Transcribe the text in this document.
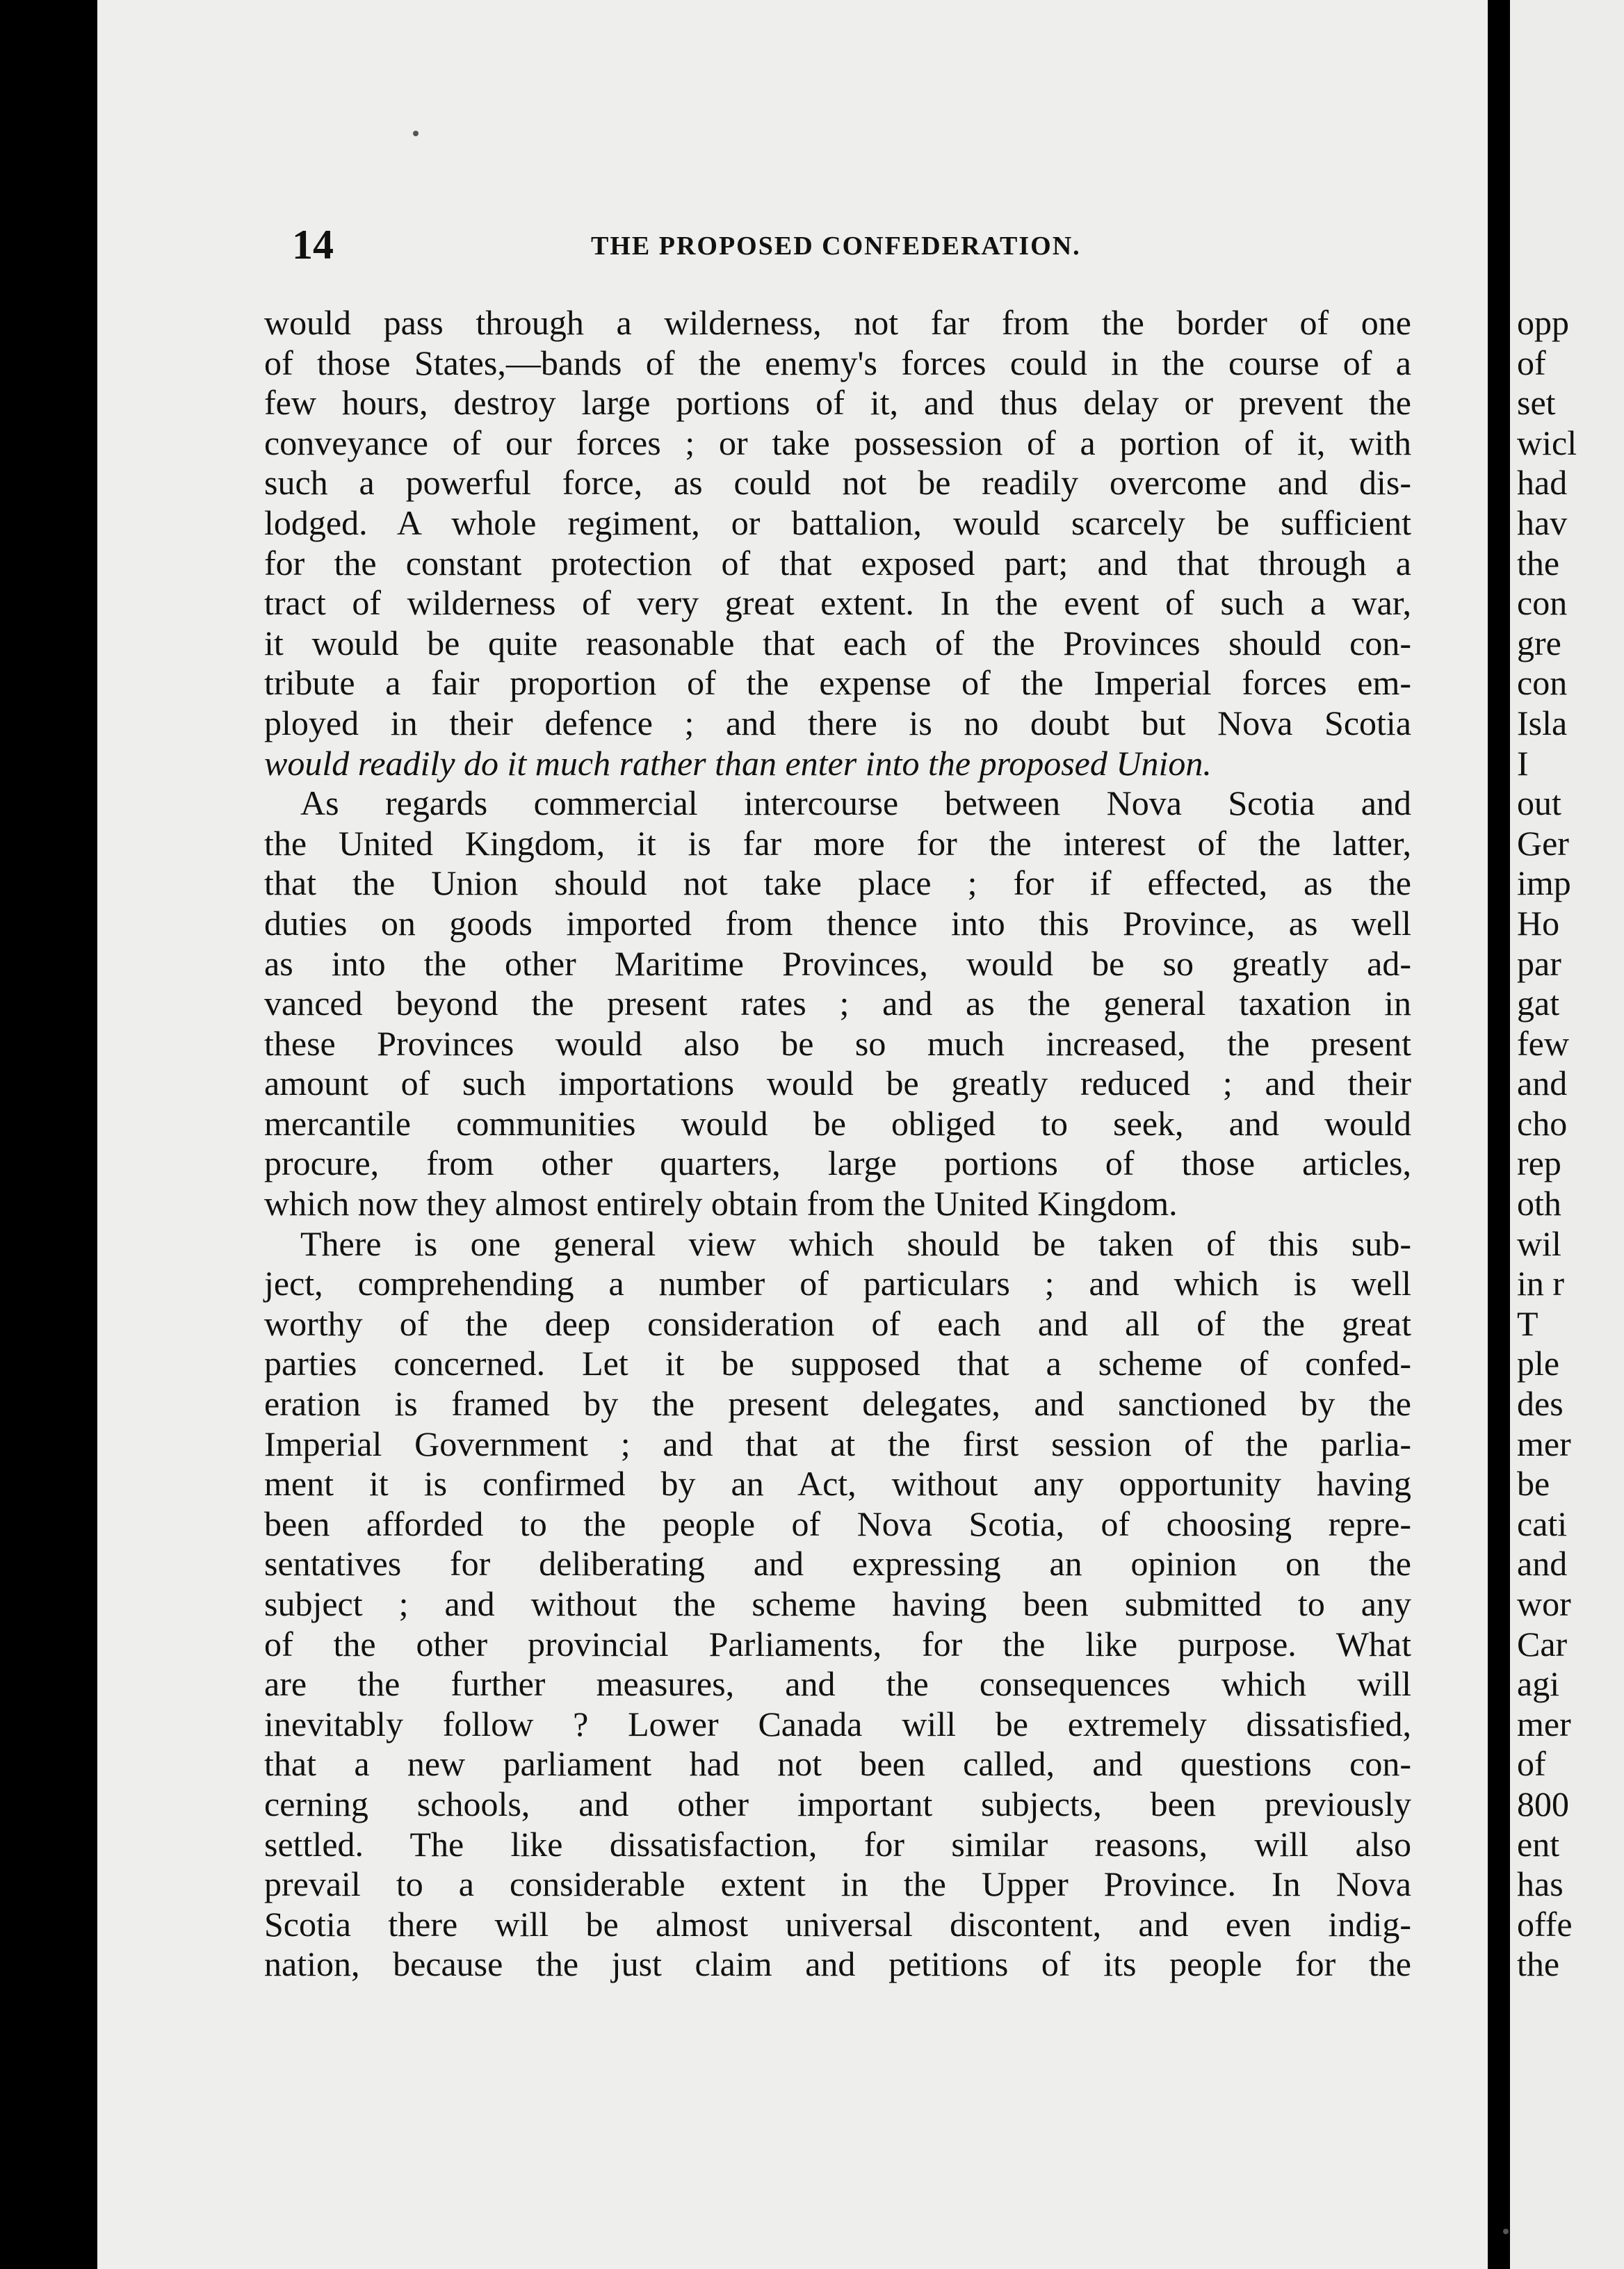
14	THE PROPOSED CONFEDERATION.
would pass through a wilderness, not far from the border of one
of those States,—bands of the enemy's forces could in the course of a
few hours, destroy large portions of it, and thus delay or prevent the
conveyance of our forces ; or take possession of a portion of it, with
such a powerful force, as could not be readily overcome and dis-
lodged. A whole regiment, or battalion, would scarcely be sufficient
for the constant protection of that exposed part; and that through a
tract of wilderness of very great extent. In the event of such a war,
it would be quite reasonable that each of the Provinces should con-
tribute a fair proportion of the expense of the Imperial forces em-
ployed in their defence ; and there is no doubt but Nova Scotia
would readily do it much rather than enter into the proposed Union.
As regards commercial intercourse between Nova Scotia and
the United Kingdom, it is far more for the interest of the latter,
that the Union should not take place ; for if effected, as the
duties on goods imported from thence into this Province, as well
as into the other Maritime Provinces, would be so greatly ad-
vanced beyond the present rates ; and as the general taxation in
these Provinces would also be so much increased, the present
amount of such importations would be greatly reduced ; and their
mercantile communities would be obliged to seek, and would
procure, from other quarters, large portions of those articles,
which now they almost entirely obtain from the United Kingdom.
There is one general view which should be taken of this sub-
ject, comprehending a number of particulars ; and which is well
worthy of the deep consideration of each and all of the great
parties concerned. Let it be supposed that a scheme of confed-
eration is framed by the present delegates, and sanctioned by the
Imperial Government ; and that at the first session of the parlia-
ment it is confirmed by an Act, without any opportunity having
been afforded to the people of Nova Scotia, of choosing repre-
sentatives for deliberating and expressing an opinion on the
subject ; and without the scheme having been submitted to any
of the other provincial Parliaments, for the like purpose. What
are the further measures, and the consequences which will
inevitably follow ? Lower Canada will be extremely dissatisfied,
that a new parliament had not been called, and questions con-
cerning schools, and other important subjects, been previously
settled. The like dissatisfaction, for similar reasons, will also
prevail to a considerable extent in the Upper Province. In Nova
Scotia there will be almost universal discontent, and even indig-
nation, because the just claim and petitions of its people for the
opp
of
set
wicl
had
hav
the
con
gre
con
Isla
I
out
Ger
imp
Ho
par
gat
few
and
cho
rep
oth
wil
in r
T
ple
des
mer
be
cati
and
wor
Car
agi
mer
of
800
ent
has
offe
the
